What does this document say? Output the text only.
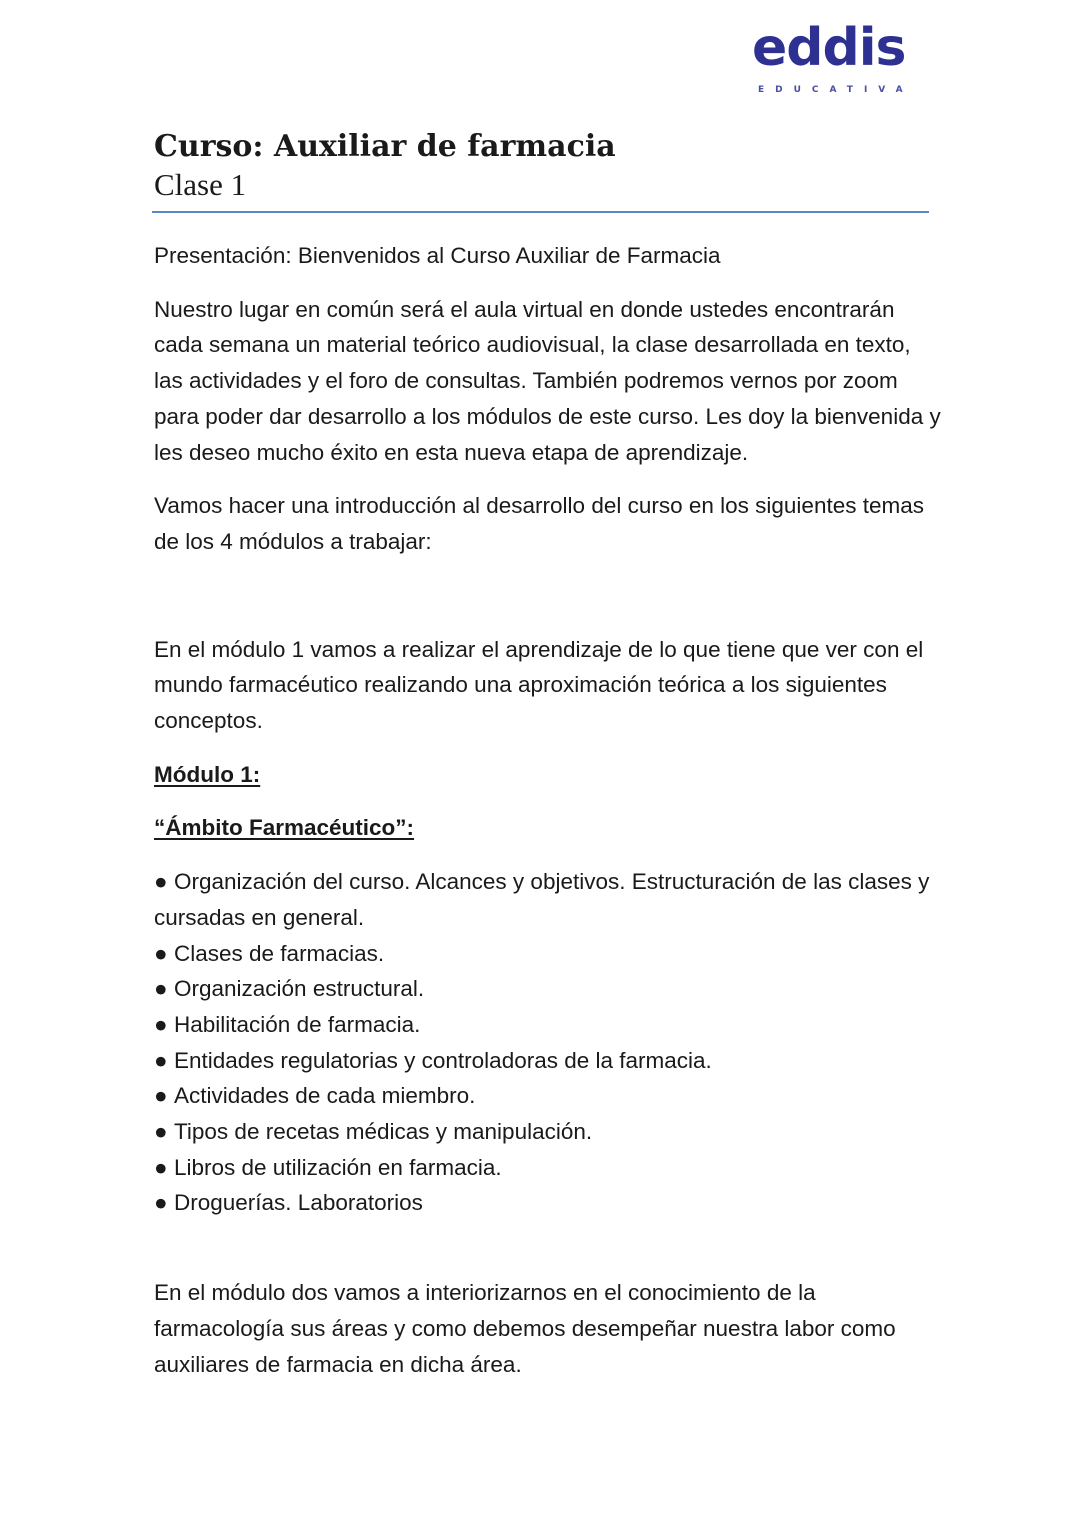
eddis
EDUCATIVA
Curso: Auxiliar de farmacia
Clase 1

Presentación: Bienvenidos al Curso Auxiliar de Farmacia

Nuestro lugar en común será el aula virtual en donde ustedes encontrarán cada semana un material teórico audiovisual, la clase desarrollada en texto, las actividades y el foro de consultas. También podremos vernos por zoom para poder dar desarrollo a los módulos de este curso. Les doy la bienvenida y les deseo mucho éxito en esta nueva etapa de aprendizaje.

Vamos hacer una introducción al desarrollo del curso en los siguientes temas de los 4 módulos a trabajar:

En el módulo 1 vamos a realizar el aprendizaje de lo que tiene que ver con el mundo farmacéutico realizando una aproximación teórica a los siguientes conceptos.

Módulo 1:

“Ámbito Farmacéutico”:

● Organización del curso. Alcances y objetivos. Estructuración de las clases y cursadas en general.
● Clases de farmacias.
● Organización estructural.
● Habilitación de farmacia.
● Entidades regulatorias y controladoras de la farmacia.
● Actividades de cada miembro.
● Tipos de recetas médicas y manipulación.
● Libros de utilización en farmacia.
● Droguerías. Laboratorios

En el módulo dos vamos a interiorizarnos en el conocimiento de la farmacología sus áreas y como debemos desempeñar nuestra labor como auxiliares de farmacia en dicha área.
